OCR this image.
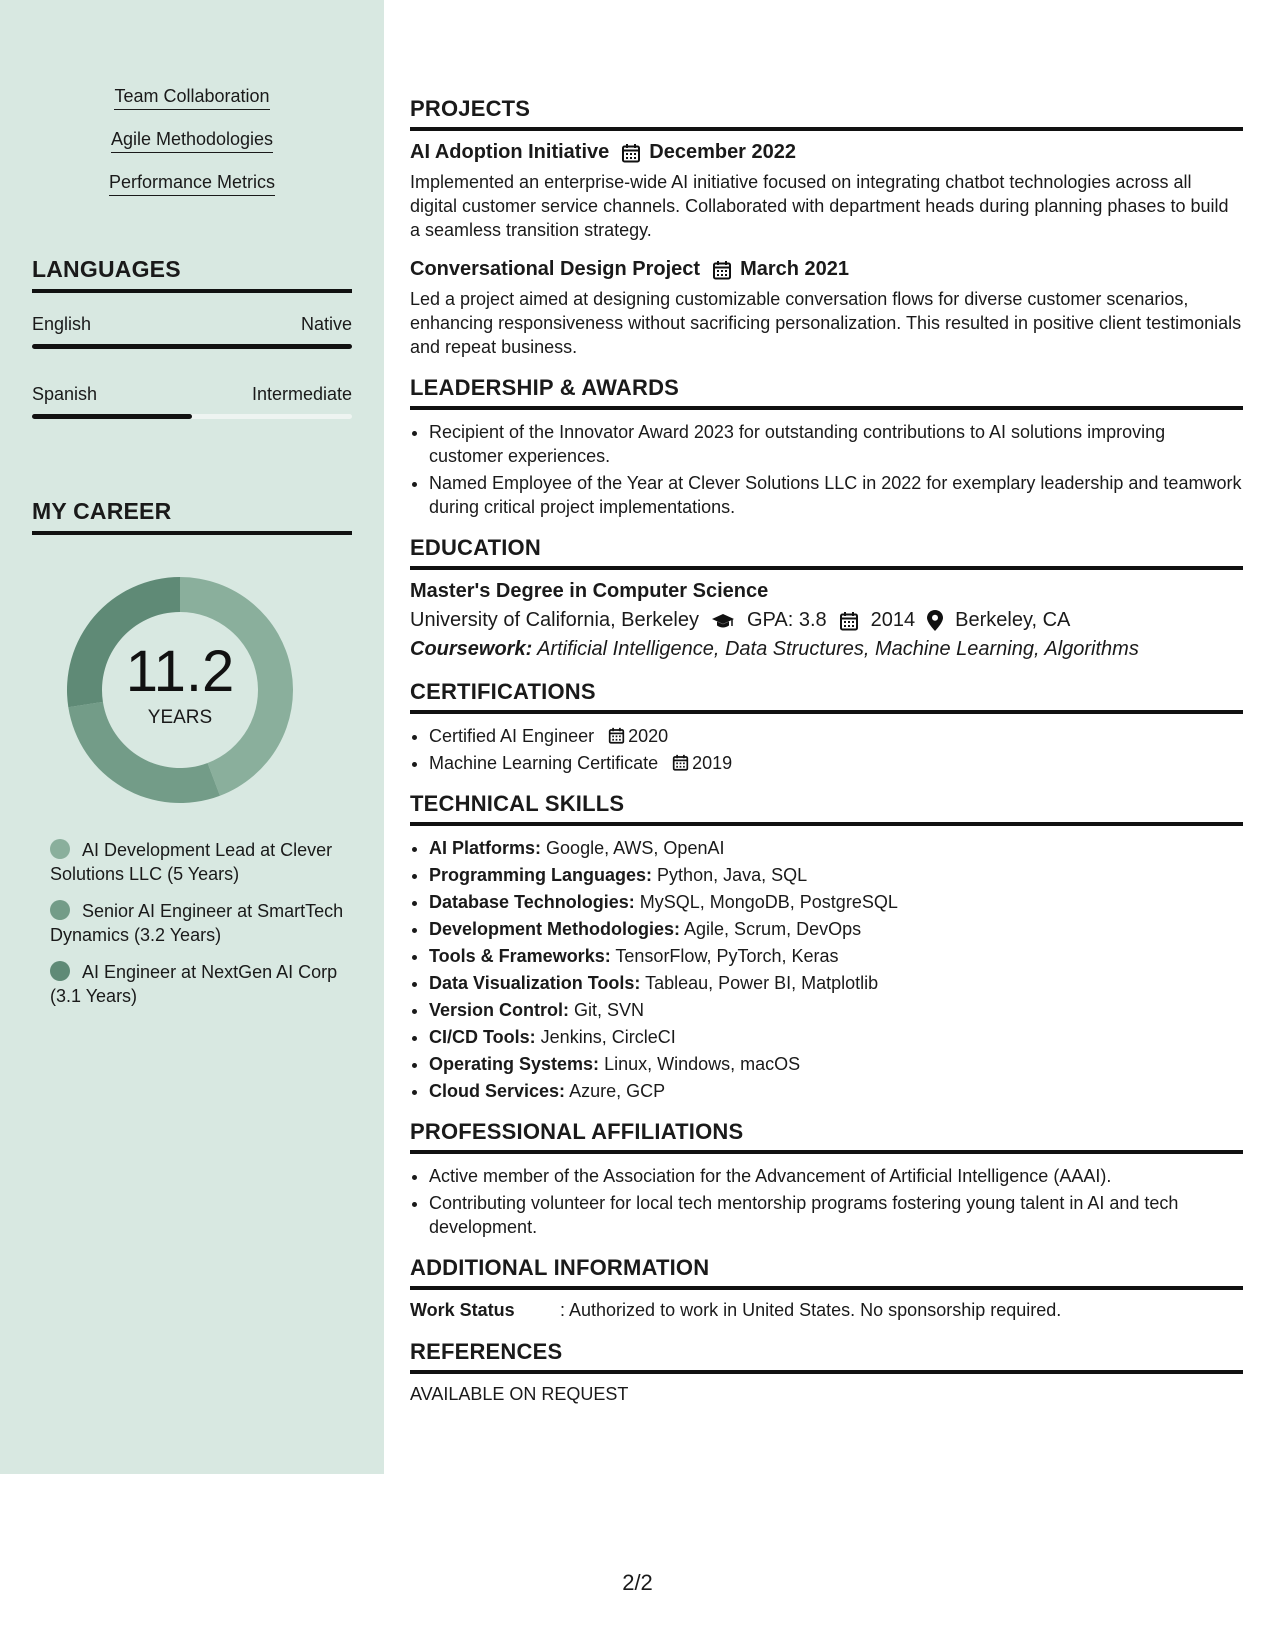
Team Collaboration
Agile Methodologies
Performance Metrics
LANGUAGES
English	Native
Spanish	Intermediate
MY CAREER
11.2
YEARS
AI Development Lead at Clever Solutions LLC (5 Years)
Senior AI Engineer at SmartTech Dynamics (3.2 Years)
AI Engineer at NextGen AI Corp (3.1 Years)
PROJECTS
AI Adoption Initiative December 2022
Implemented an enterprise-wide AI initiative focused on integrating chatbot technologies across all digital customer service channels. Collaborated with department heads during planning phases to build a seamless transition strategy.
Conversational Design Project March 2021
Led a project aimed at designing customizable conversation flows for diverse customer scenarios, enhancing responsiveness without sacrificing personalization. This resulted in positive client testimonials and repeat business.
LEADERSHIP & AWARDS
• Recipient of the Innovator Award 2023 for outstanding contributions to AI solutions improving customer experiences.
• Named Employee of the Year at Clever Solutions LLC in 2022 for exemplary leadership and teamwork during critical project implementations.
EDUCATION
Master's Degree in Computer Science
University of California, Berkeley GPA: 3.8 2014 Berkeley, CA
Coursework: Artificial Intelligence, Data Structures, Machine Learning, Algorithms
CERTIFICATIONS
• Certified AI Engineer 2020
• Machine Learning Certificate 2019
TECHNICAL SKILLS
• AI Platforms: Google, AWS, OpenAI
• Programming Languages: Python, Java, SQL
• Database Technologies: MySQL, MongoDB, PostgreSQL
• Development Methodologies: Agile, Scrum, DevOps
• Tools & Frameworks: TensorFlow, PyTorch, Keras
• Data Visualization Tools: Tableau, Power BI, Matplotlib
• Version Control: Git, SVN
• CI/CD Tools: Jenkins, CircleCI
• Operating Systems: Linux, Windows, macOS
• Cloud Services: Azure, GCP
PROFESSIONAL AFFILIATIONS
• Active member of the Association for the Advancement of Artificial Intelligence (AAAI).
• Contributing volunteer for local tech mentorship programs fostering young talent in AI and tech development.
ADDITIONAL INFORMATION
Work Status	: Authorized to work in United States. No sponsorship required.
REFERENCES
AVAILABLE ON REQUEST
2/2
